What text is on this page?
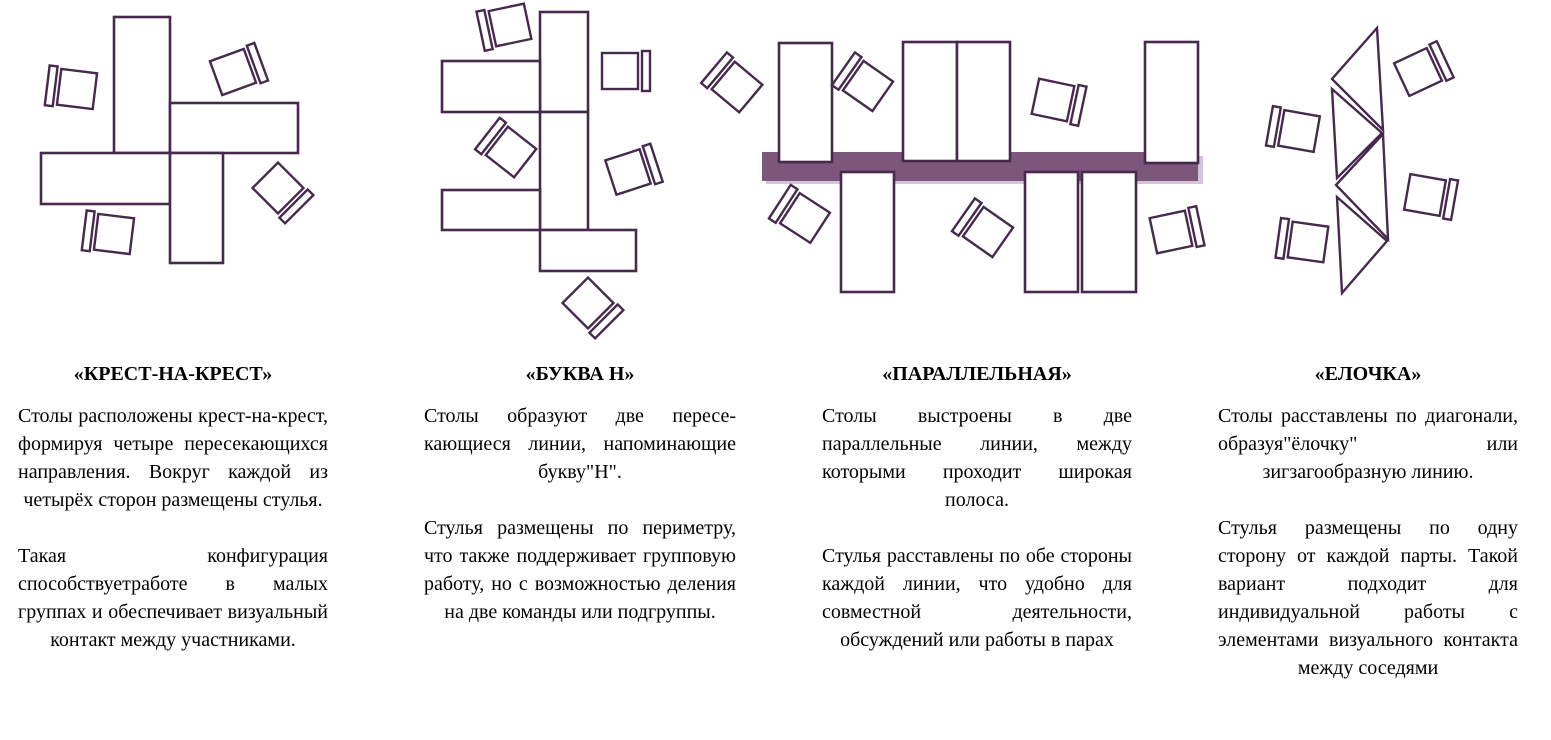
«КРЕСТ-НА-КРЕСТ»

Столы расположены крест-на-крест, формируя четыре пересекающихся направления. Вокруг каждой из четырёх сторон размещены стулья.

Такая конфигурация способствуетработе в малых группах и обеспечивает визуальный контакт между участниками.

«БУКВА Н»

Столы образуют две пересекающиеся линии, напоминающие букву"Н".

Стулья размещены по периметру, что также поддерживает групповую работу, но с возможностью деления на две команды или подгруппы.

«ПАРАЛЛЕЛЬНАЯ»

Столы выстроены в две параллельные линии, между которыми проходит широкая полоса.

Стулья расставлены по обе стороны каждой линии, что удобно для совместной деятельности, обсуждений или работы в парах

«ЕЛОЧКА»

Столы расставлены по диагонали, образуя"ёлочку" или зигзагообразную линию.

Стулья размещены по одну сторону от каждой парты. Такой вариант подходит для индивидуальной работы с элементами визуального контакта между соседями
